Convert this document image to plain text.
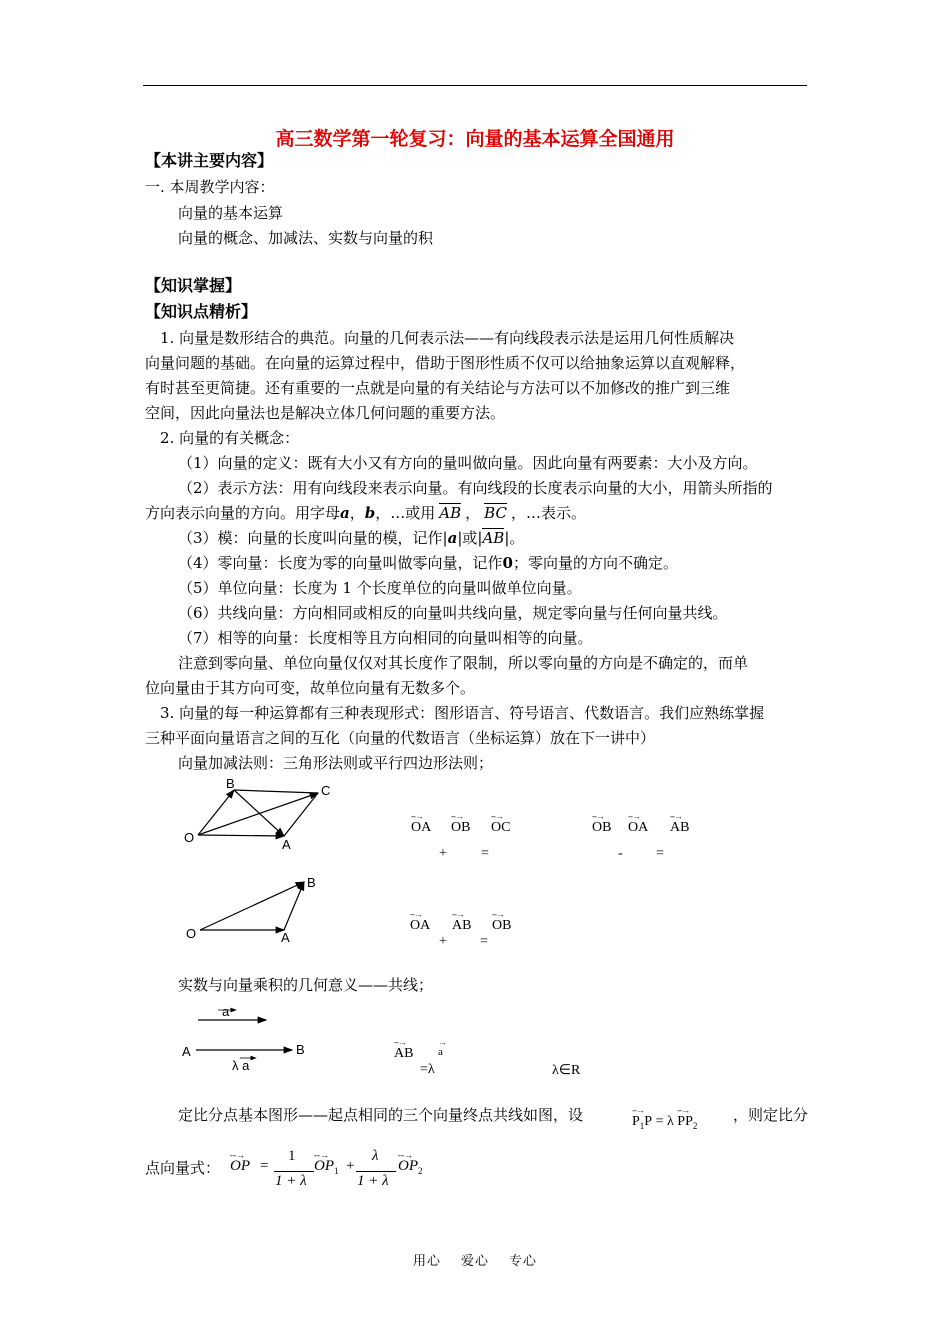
高三数学第一轮复习：向量的基本运算全国通用
【本讲主要内容】
一. 本周教学内容：
向量的基本运算
向量的概念、加减法、实数与向量的积
【知识掌握】
【知识点精析】
1. 向量是数形结合的典范。向量的几何表示法——有向线段表示法是运用几何性质解决
向量问题的基础。在向量的运算过程中，借助于图形性质不仅可以给抽象运算以直观解释，
有时甚至更简捷。还有重要的一点就是向量的有关结论与方法可以不加修改的推广到三维
空间，因此向量法也是解决立体几何问题的重要方法。
2. 向量的有关概念：
（1）向量的定义：既有大小又有方向的量叫做向量。因此向量有两要素：大小及方向。
（2）表示方法：用有向线段来表示向量。有向线段的长度表示向量的大小，用箭头所指的
方向表示向量的方向。用字母a，b，…或用 AB ， BC ，…表示。
（3）模：向量的长度叫向量的模，记作|a|或|
AB|。
（4）零向量：长度为零的向量叫做零向量，记作0；零向量的方向不确定。
（5）单位向量：长度为 1 个长度单位的向量叫做单位向量。
（6）共线向量：方向相同或相反的向量叫共线向量，规定零向量与任何向量共线。
（7）相等的向量：长度相等且方向相同的向量叫相等的向量。
注意到零向量、单位向量仅仅对其长度作了限制，所以零向量的方向是不确定的，而单
位向量由于其方向可变，故单位向量有无数多个。
3. 向量的每一种运算都有三种表现形式：图形语言、符号语言、代数语言。我们应熟练掌握
三种平面向量语言之间的互化（向量的代数语言（坐标运算）放在下一讲中）
向量加减法则：三角形法则或平行四边形法则；
B	C
O	A
--→
OA
--→
OB
--→
OC
+ =
--→
OB
--→
OA
--→
AB
- =
B
O	A
--→
OA
--→
AB
--→
OB
+ =
实数与向量乘积的几何意义——共线；
a
A	B
λ a
--→
AB
→
a
=λ	λ∈R
定比分点基本图形——起点相同的三个向量终点共线如图，设	--→
$P_1P = \lambda$
--→
$PP_2$
，则定比分
点向量式：
--→
OP =
1
1 + λ
--→
$OP_1$ +
λ
1 + λ
--→
$OP_2$
用心 爱心 专心
